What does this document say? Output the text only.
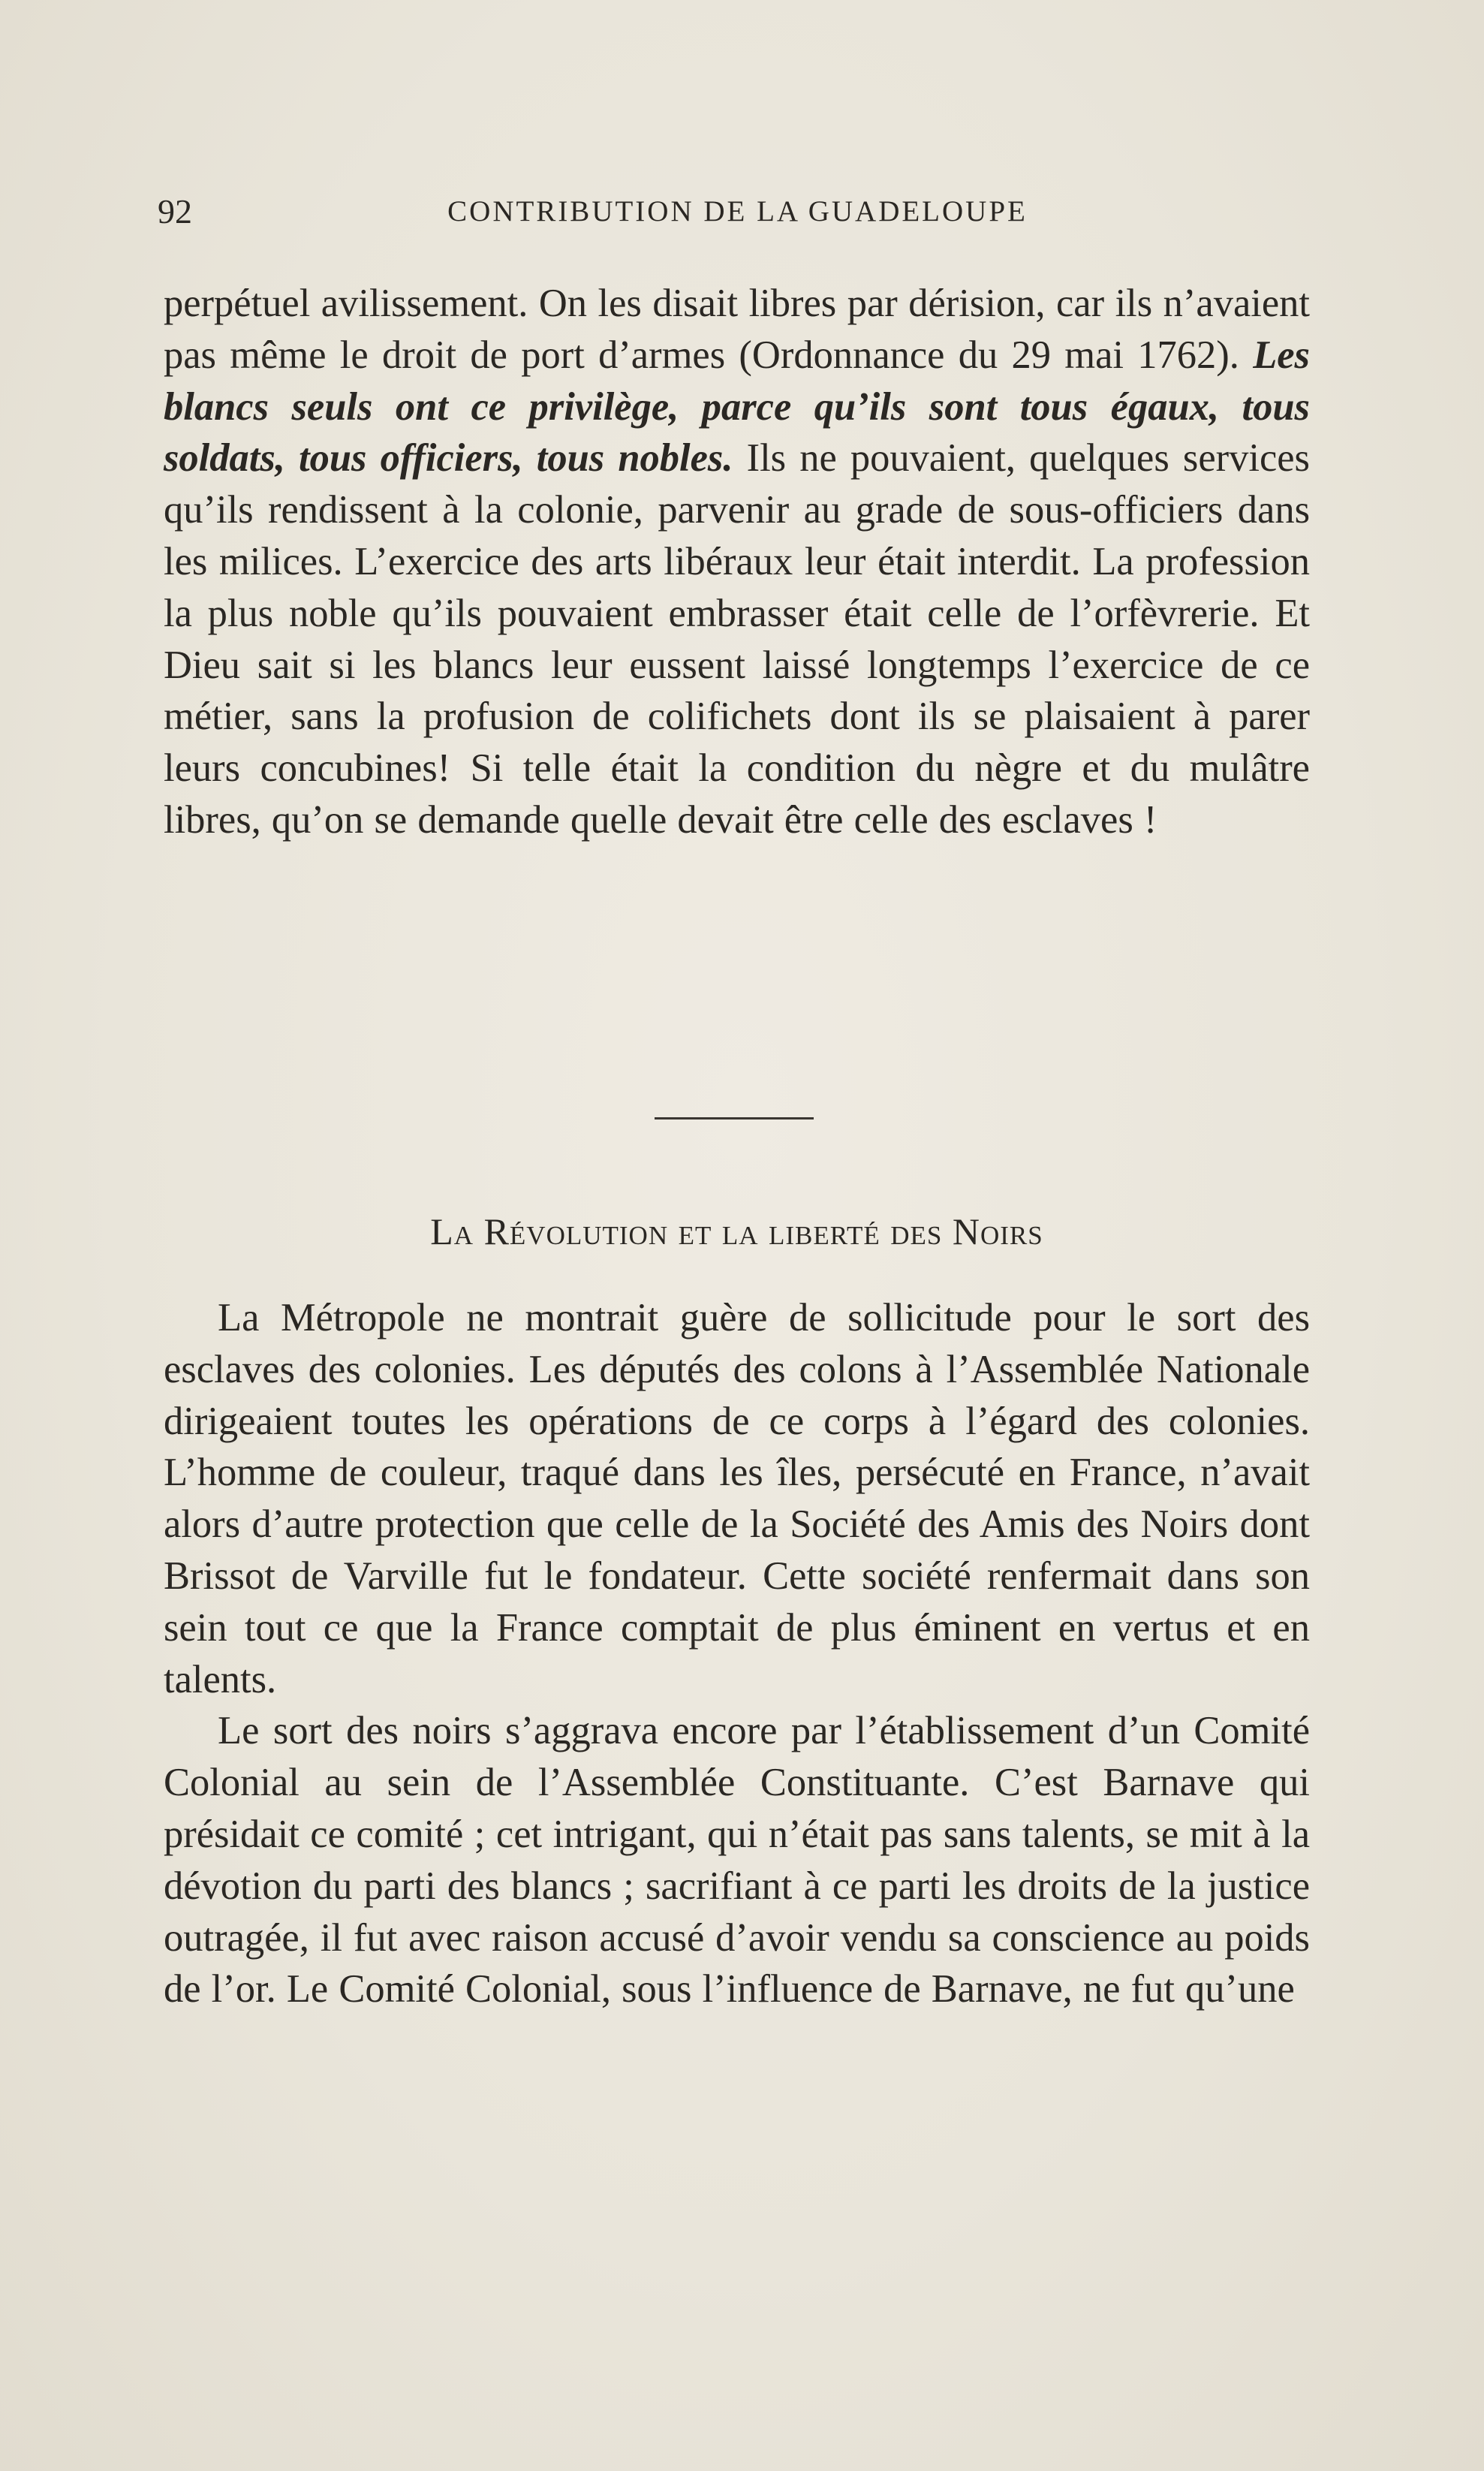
92	CONTRIBUTION DE LA GUADELOUPE

perpétuel avilissement. On les disait libres par dérision, car ils n’avaient pas même le droit de port d’armes (Ordonnance du 29 mai 1762). Les blancs seuls ont ce privilège, parce qu’ils sont tous égaux, tous soldats, tous officiers, tous nobles. Ils ne pouvaient, quelques services qu’ils rendissent à la colonie, parvenir au grade de sous-officiers dans les milices. L’exercice des arts libéraux leur était interdit. La profession la plus noble qu’ils pouvaient embrasser était celle de l’orfèvrerie. Et Dieu sait si les blancs leur eussent laissé longtemps l’exercice de ce métier, sans la profusion de colifichets dont ils se plaisaient à parer leurs concubines! Si telle était la condition du nègre et du mulâtre libres, qu’on se demande quelle devait être celle des esclaves !

La Révolution et la liberté des Noirs

La Métropole ne montrait guère de sollicitude pour le sort des esclaves des colonies. Les députés des colons à l’Assemblée Nationale dirigeaient toutes les opérations de ce corps à l’égard des colonies. L’homme de couleur, traqué dans les îles, persécuté en France, n’avait alors d’autre protection que celle de la Société des Amis des Noirs dont Brissot de Varville fut le fondateur. Cette société renfermait dans son sein tout ce que la France comptait de plus éminent en vertus et en talents.

Le sort des noirs s’aggrava encore par l’établissement d’un Comité Colonial au sein de l’Assemblée Constituante. C’est Barnave qui présidait ce comité ; cet intrigant, qui n’était pas sans talents, se mit à la dévotion du parti des blancs ; sacrifiant à ce parti les droits de la justice outragée, il fut avec raison accusé d’avoir vendu sa conscience au poids de l’or. Le Comité Colonial, sous l’influence de Barnave, ne fut qu’une
